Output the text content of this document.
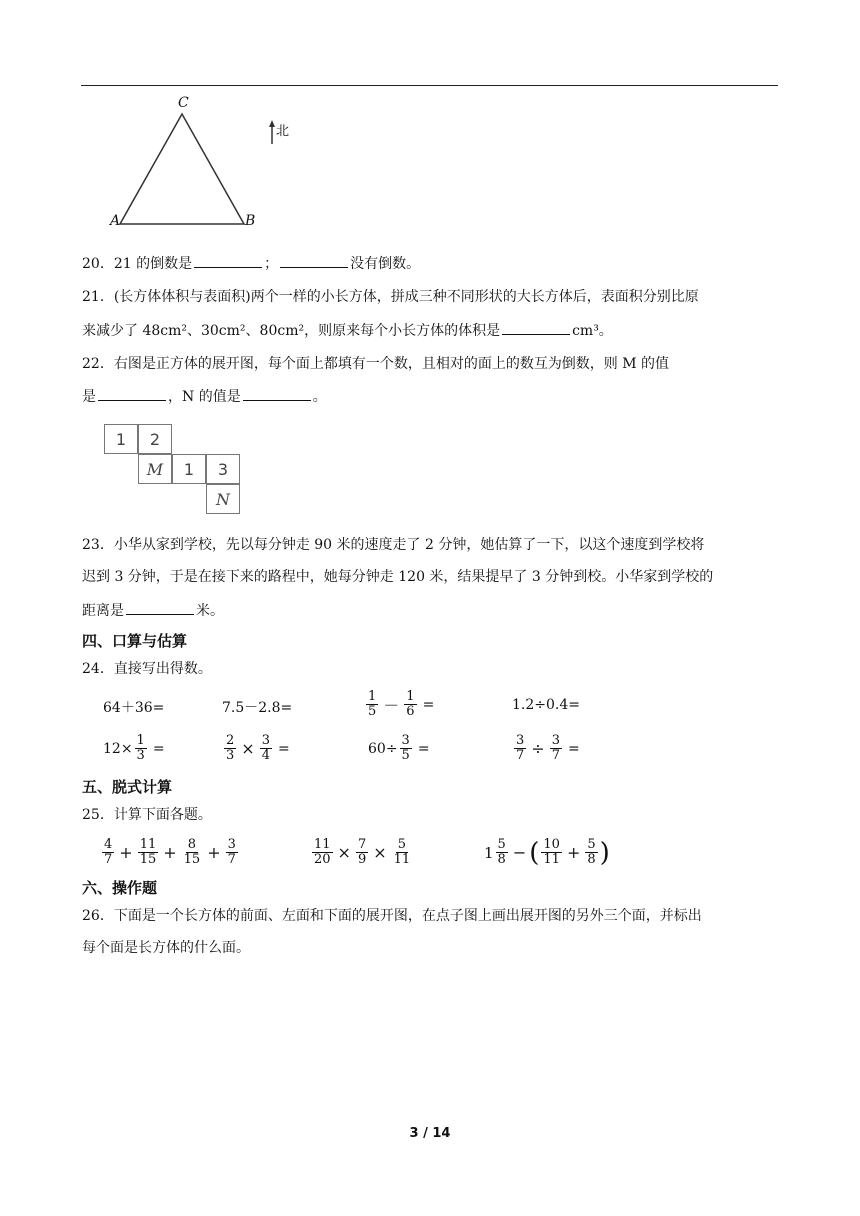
C
A	B
北
20．21 的倒数是	；	没有倒数。
21．(长方体体积与表面积)两个一样的小长方体，拼成三种不同形状的大长方体后，表面积分别比原
来减少了 48cm²、30cm²、80cm²，则原来每个小长方体的体积是	cm³。
22．右图是正方体的展开图，每个面上都填有一个数，且相对的面上的数互为倒数，则 M 的值
是	，N 的值是	。
1	2
M	1	3
N
23．小华从家到学校，先以每分钟走 90 米的速度走了 2 分钟，她估算了一下，以这个速度到学校将
迟到 3 分钟，于是在接下来的路程中，她每分钟走 120 米，结果提早了 3 分钟到校。小华家到学校的
距离是	米。
四、口算与估算
24．直接写出得数。
64＋36=	7.5－2.8=	$\frac{1}{5} - \frac{1}{6}$ =	1.2÷0.4=
$12\times \frac{1}{3}$ =	$\frac{2}{3} \times \frac{3}{4}$ =	$60\div \frac{3}{5}$ =	$\frac{3}{7} \div \frac{3}{7}$ =
五、脱式计算
25．计算下面各题。
$\frac{4}{7} + \frac{11}{15} + \frac{8}{15} + \frac{3}{7}$	$\frac{11}{20} \times \frac{7}{9} \times \frac{5}{11}$	$1 \frac{5}{8}$ − ( $\frac{10}{11} + \frac{5}{8}$ )
六、操作题
26．下面是一个长方体的前面、左面和下面的展开图，在点子图上画出展开图的另外三个面，并标出
每个面是长方体的什么面。
3 / 14
